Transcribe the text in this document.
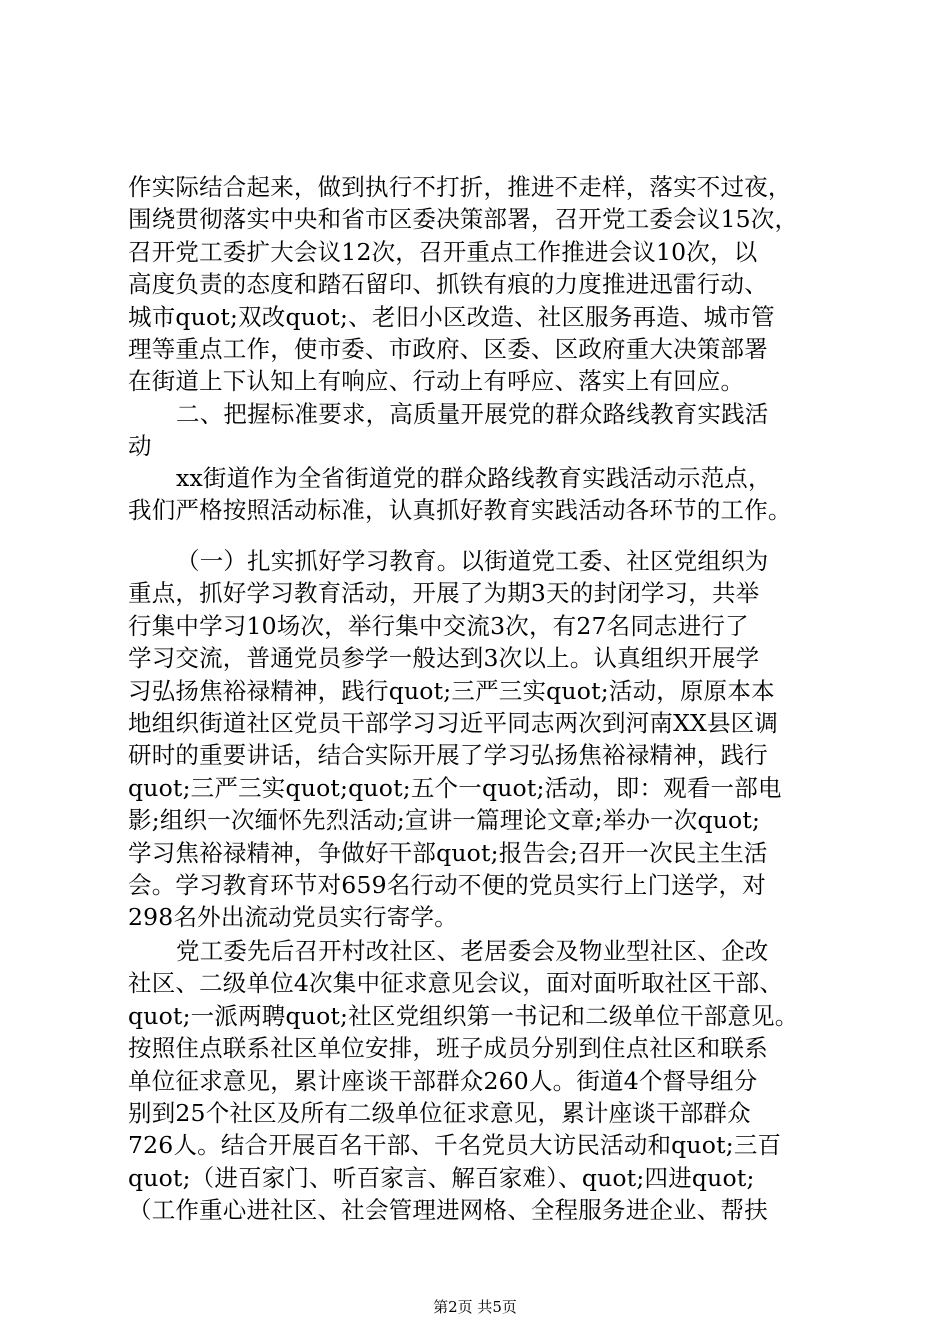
作实际结合起来，做到执行不打折，推进不走样，落实不过夜，
围绕贯彻落实中央和省市区委决策部署，召开党工委会议15次，
召开党工委扩大会议12次，召开重点工作推进会议10次，以
高度负责的态度和踏石留印、抓铁有痕的力度推进迅雷行动、
城市quot;双改quot;、老旧小区改造、社区服务再造、城市管
理等重点工作，使市委、市政府、区委、区政府重大决策部署
在街道上下认知上有响应、行动上有呼应、落实上有回应。
二、把握标准要求，高质量开展党的群众路线教育实践活
动
xx街道作为全省街道党的群众路线教育实践活动示范点，
我们严格按照活动标准，认真抓好教育实践活动各环节的工作。
（一）扎实抓好学习教育。以街道党工委、社区党组织为
重点，抓好学习教育活动，开展了为期3天的封闭学习，共举
行集中学习10场次，举行集中交流3次，有27名同志进行了
学习交流，普通党员参学一般达到3次以上。认真组织开展学
习弘扬焦裕禄精神，践行quot;三严三实quot;活动，原原本本
地组织街道社区党员干部学习习近平同志两次到河南XX县区调
研时的重要讲话，结合实际开展了学习弘扬焦裕禄精神，践行
quot;三严三实quot;quot;五个一quot;活动，即：观看一部电
影;组织一次缅怀先烈活动;宣讲一篇理论文章;举办一次quot;
学习焦裕禄精神，争做好干部quot;报告会;召开一次民主生活
会。学习教育环节对659名行动不便的党员实行上门送学，对
298名外出流动党员实行寄学。
党工委先后召开村改社区、老居委会及物业型社区、企改
社区、二级单位4次集中征求意见会议，面对面听取社区干部、
quot;一派两聘quot;社区党组织第一书记和二级单位干部意见。
按照住点联系社区单位安排，班子成员分别到住点社区和联系
单位征求意见，累计座谈干部群众260人。街道4个督导组分
别到25个社区及所有二级单位征求意见，累计座谈干部群众
726人。结合开展百名干部、千名党员大访民活动和quot;三百
quot;（进百家门、听百家言、解百家难）、quot;四进quot;
（工作重心进社区、社会管理进网格、全程服务进企业、帮扶
第2页 共5页
